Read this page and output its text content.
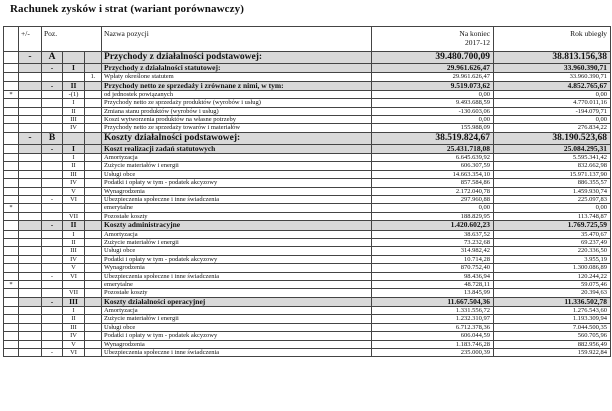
Rachunek zysków i strat (wariant porównawczy)
	+/-	Poz.			Nazwa pozycji	Na koniec
2017-12	Rok ubiegły
	-	A			Przychody z działalności podstawowej:	39.480.700,09	38.813.156,38
		-	I		Przychody z działalności statutowej:	29.961.626,47	33.960.390,71
				1.	Wpłaty określone statutem	29.961.626,47	33.960.390,71
		-	II		Przychody netto ze sprzedaży i zrównane z nimi, w tym:	9.519.073,62	4.852.765,67
*			-(1)		od jednostek powiązanych	0,00	0,00
			I		Przychody netto ze sprzedaży produktów (wyrobów i usług)	9.493.688,59	4.770.011,16
			II		Zmiana stanu produktów (wyrobów i usług)	-130.603,06	-194.079,71
			III		Koszt wytworzenia produktów na własne potrzeby	0,00	0,00
			IV		Przychody netto ze sprzedaży towarów i materiałów	155.988,09	276.834,22
	-	B			Koszty działalności podstawowej:	38.519.824,67	38.190.523,68
		-	I		Koszt realizacji zadań statutowych	25.431.718,08	25.084.295,31
			I		Amortyzacja	6.645.639,92	5.595.341,42
			II		Zużycie materiałów i energii	606.307,59	832.662,98
			III		Usługi obce	14.663.354,10	15.971.137,90
			IV		Podatki i opłaty w tym - podatek akcyzowy	857.584,86	886.355,57
			V		Wynagrodzenia	2.172.040,78	1.459.930,74
		-	VI		Ubezpieczenia społeczne i inne świadczenia	297.960,88	225.097,83
*					emerytalne	0,00	0,00
			VII		Pozostałe koszty	188.829,95	113.748,87
		-	II		Koszty administracyjne	1.420.602,23	1.769.725,59
			I		Amortyzacja	38.637,52	35.470,67
			II		Zużycie materiałów i energii	73.232,68	69.237,49
			III		Usługi obce	314.982,42	220.336,50
			IV		Podatki i opłaty w tym - podatek akcyzowy	10.714,28	3.955,19
			V		Wynagrodzenia	870.752,40	1.300.086,89
		-	VI		Ubezpieczenia społeczne i inne świadczenia	98.436,94	120.244,22
*					emerytalne	48.728,11	59.075,46
			VII		Pozostałe koszty	13.845,99	20.394,63
		-	III		Koszty działalności operacyjnej	11.667.504,36	11.336.502,78
			I		Amortyzacja	1.331.556,72	1.276.543,60
			II		Zużycie materiałów i energii	1.232.310,97	1.193.309,94
			III		Usługi obce	6.712.378,36	7.044.500,35
			IV		Podatki i opłaty w tym - podatek akcyzowy	606.044,59	560.705,96
			V		Wynagrodzenia	1.183.746,28	882.956,49
		-	VI		Ubezpieczenia społeczne i inne świadczenia	235.000,39	159.922,84
